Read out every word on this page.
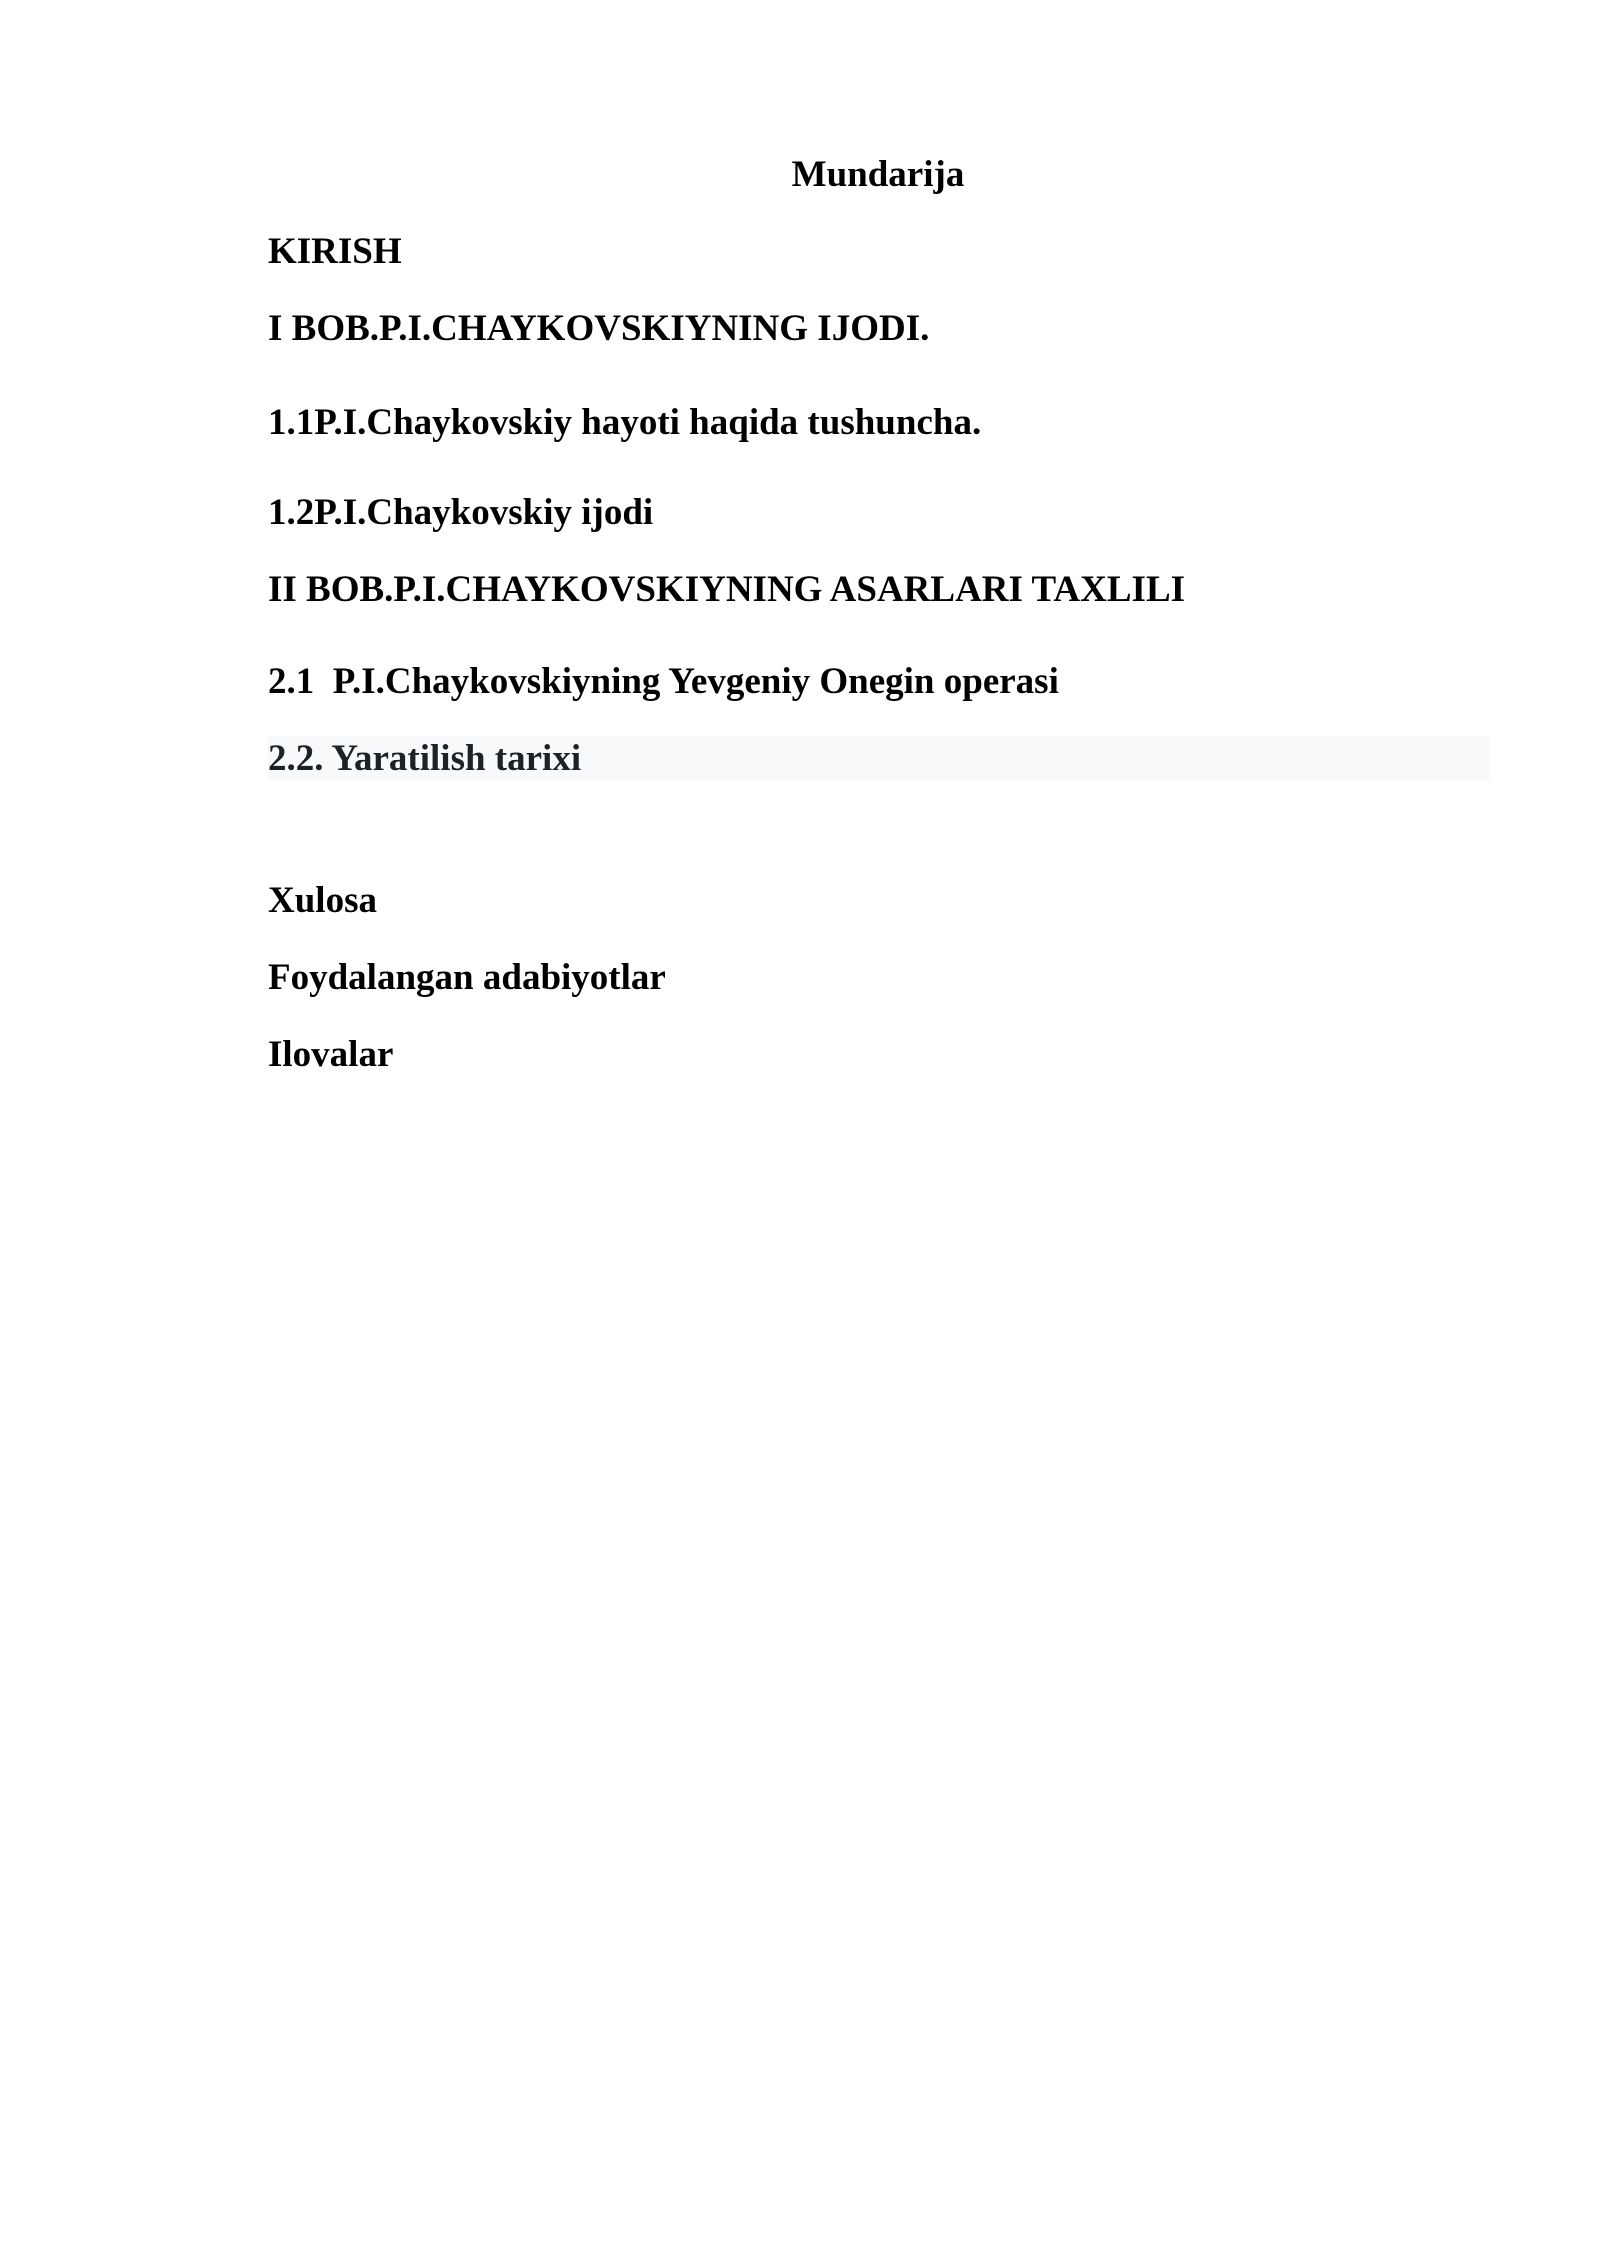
Mundarija
KIRISH
I BOB.P.I.CHAYKOVSKIYNING IJODI.
1.1P.I.Chaykovskiy hayoti haqida tushuncha.
1.2P.I.Chaykovskiy ijodi
II BOB.P.I.CHAYKOVSKIYNING ASARLARI TAXLILI
2.1  P.I.Chaykovskiyning Yevgeniy Onegin operasi
2.2. Yaratilish tarixi
Xulosa
Foydalangan adabiyotlar
Ilovalar
